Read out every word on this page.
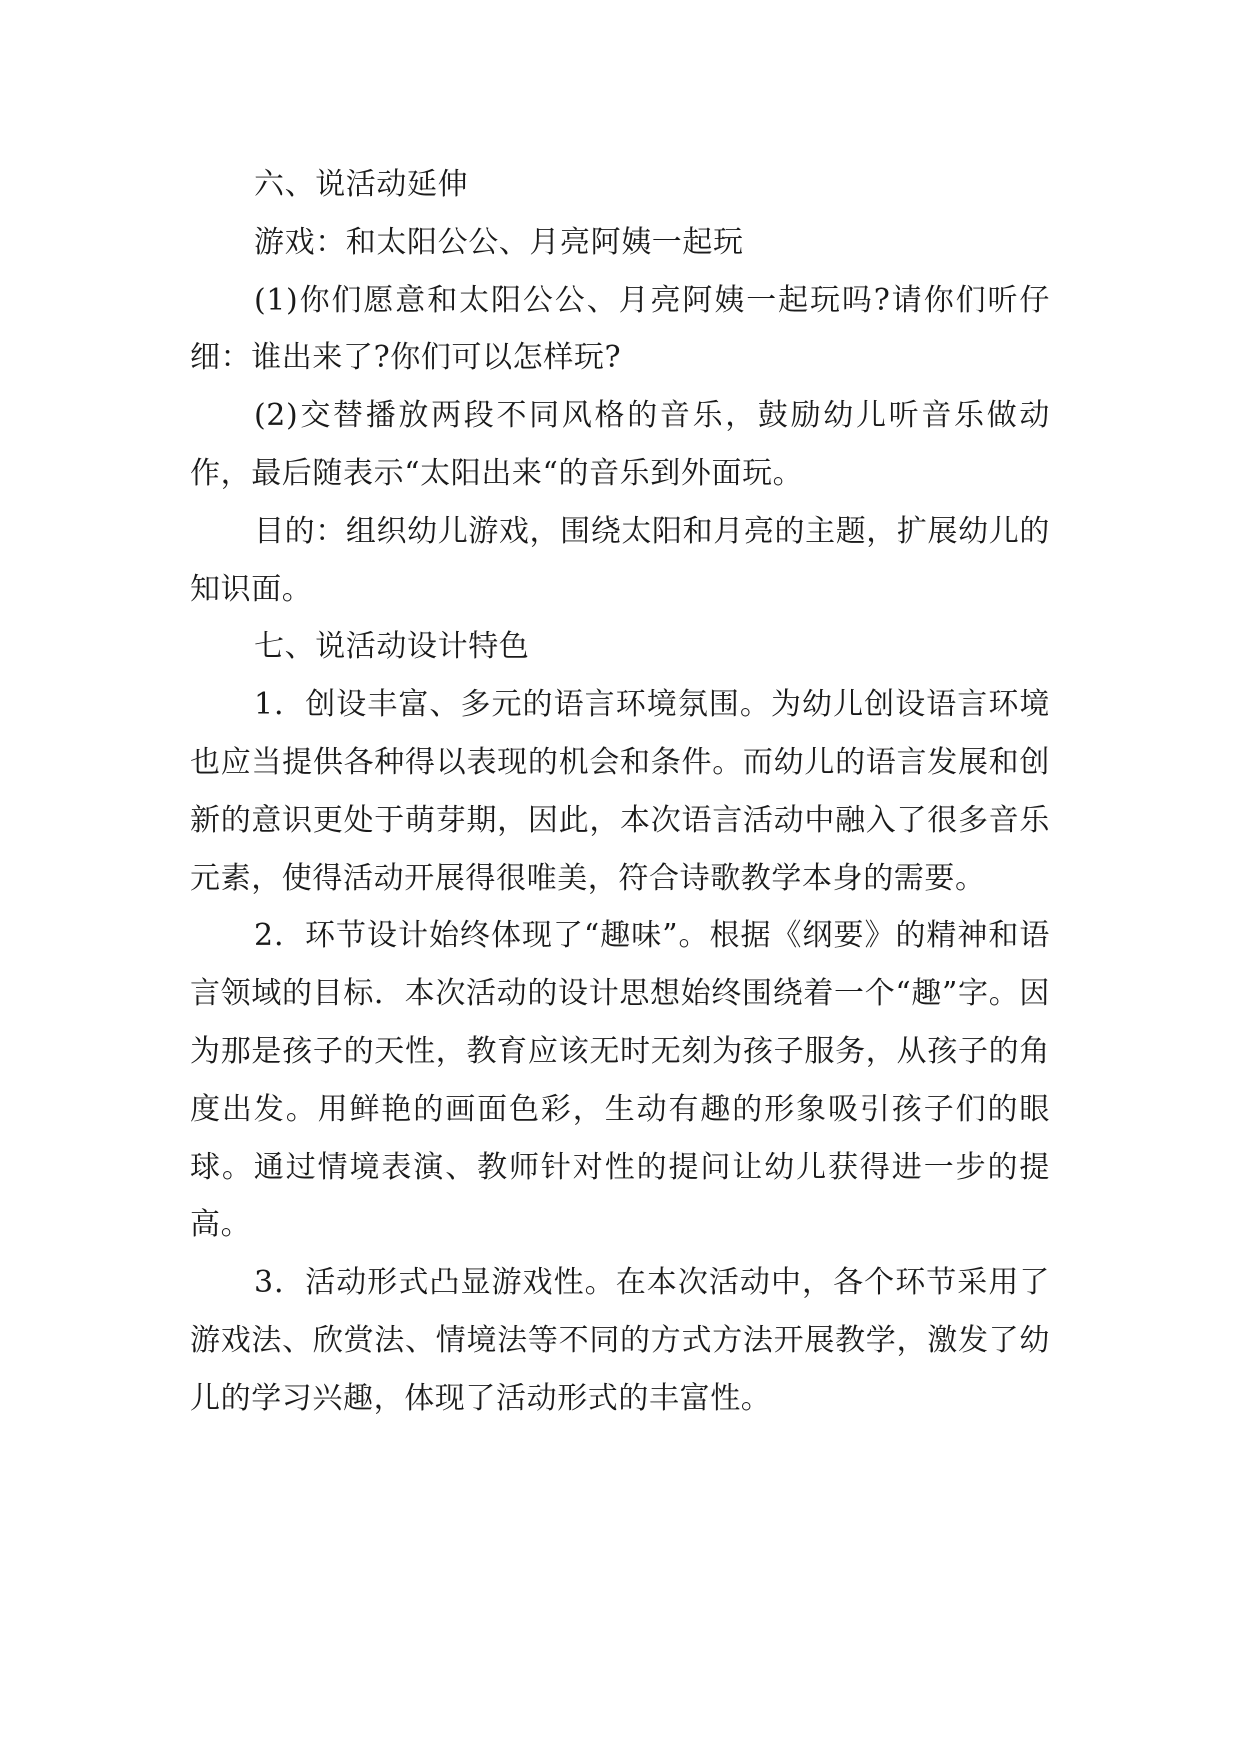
六、说活动延伸

游戏：和太阳公公、月亮阿姨一起玩

(1)你们愿意和太阳公公、月亮阿姨一起玩吗?请你们听仔细：谁出来了?你们可以怎样玩?

(2)交替播放两段不同风格的音乐，鼓励幼儿听音乐做动作，最后随表示“太阳出来“的音乐到外面玩。

目的：组织幼儿游戏，围绕太阳和月亮的主题，扩展幼儿的知识面。

七、说活动设计特色

1．创设丰富、多元的语言环境氛围。为幼儿创设语言环境也应当提供各种得以表现的机会和条件。而幼儿的语言发展和创新的意识更处于萌芽期，因此，本次语言活动中融入了很多音乐元素，使得活动开展得很唯美，符合诗歌教学本身的需要。

2．环节设计始终体现了“趣味”。根据《纲要》的精神和语言领域的目标．本次活动的设计思想始终围绕着一个“趣”字。因为那是孩子的天性，教育应该无时无刻为孩子服务，从孩子的角度出发。用鲜艳的画面色彩，生动有趣的形象吸引孩子们的眼球。通过情境表演、教师针对性的提问让幼儿获得进一步的提高。

3．活动形式凸显游戏性。在本次活动中，各个环节采用了游戏法、欣赏法、情境法等不同的方式方法开展教学，激发了幼儿的学习兴趣，体现了活动形式的丰富性。
